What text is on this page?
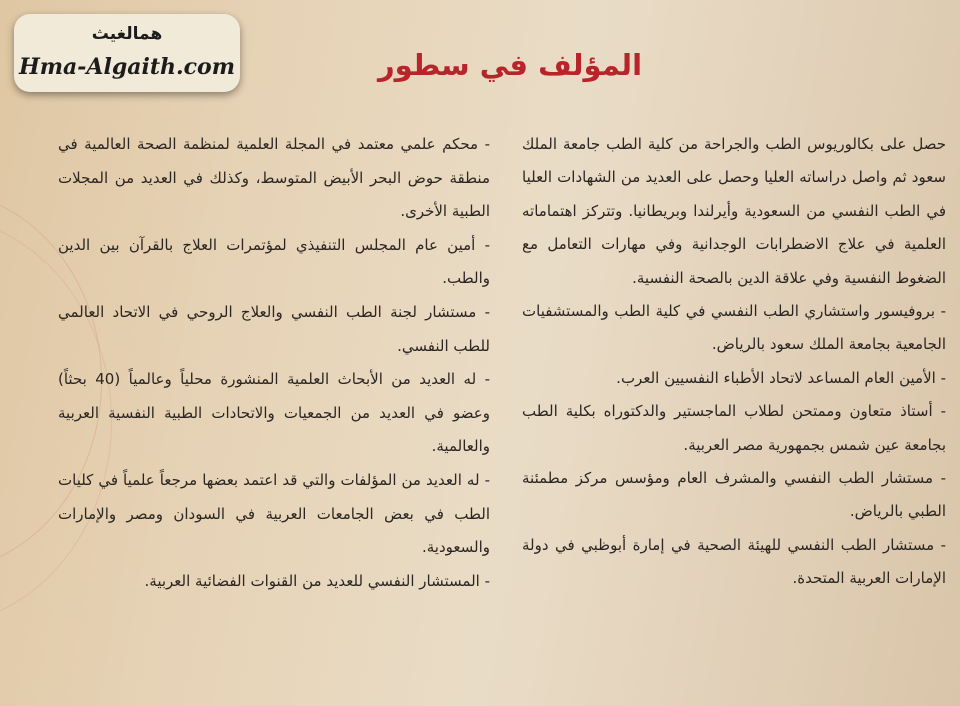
همالغيث
Hma-Algaith.com	المؤلف في سطور

حصل على بكالوريوس الطب والجراحة من كلية الطب جامعة الملك سعود ثم واصل دراساته العليا وحصل على العديد من الشهادات العليا في الطب النفسي من السعودية وأيرلندا وبريطانيا. وتتركز اهتماماته العلمية في علاج الاضطرابات الوجدانية وفي مهارات التعامل مع الضغوط النفسية وفي علاقة الدين بالصحة النفسية.

- بروفيسور واستشاري الطب النفسي في كلية الطب والمستشفيات الجامعية بجامعة الملك سعود بالرياض.

- الأمين العام المساعد لاتحاد الأطباء النفسيين العرب.

- أستاذ متعاون وممتحن لطلاب الماجستير والدكتوراه بكلية الطب بجامعة عين شمس بجمهورية مصر العربية.

- مستشار الطب النفسي والمشرف العام ومؤسس مركز مطمئنة الطبي بالرياض.

- مستشار الطب النفسي للهيئة الصحية في إمارة أبوظبي في دولة الإمارات العربية المتحدة.

- محكم علمي معتمد في المجلة العلمية لمنظمة الصحة العالمية في منطقة حوض البحر الأبيض المتوسط، وكذلك في العديد من المجلات الطبية الأخرى.

- أمين عام المجلس التنفيذي لمؤتمرات العلاج بالقرآن بين الدين والطب.

- مستشار لجنة الطب النفسي والعلاج الروحي في الاتحاد العالمي للطب النفسي.

- له العديد من الأبحاث العلمية المنشورة محلياً وعالمياً (40 بحثاً) وعضو في العديد من الجمعيات والاتحادات الطبية النفسية العربية والعالمية.

- له العديد من المؤلفات والتي قد اعتمد بعضها مرجعاً علمياً في كليات الطب في بعض الجامعات العربية في السودان ومصر والإمارات والسعودية.

- المستشار النفسي للعديد من القنوات الفضائية العربية.
